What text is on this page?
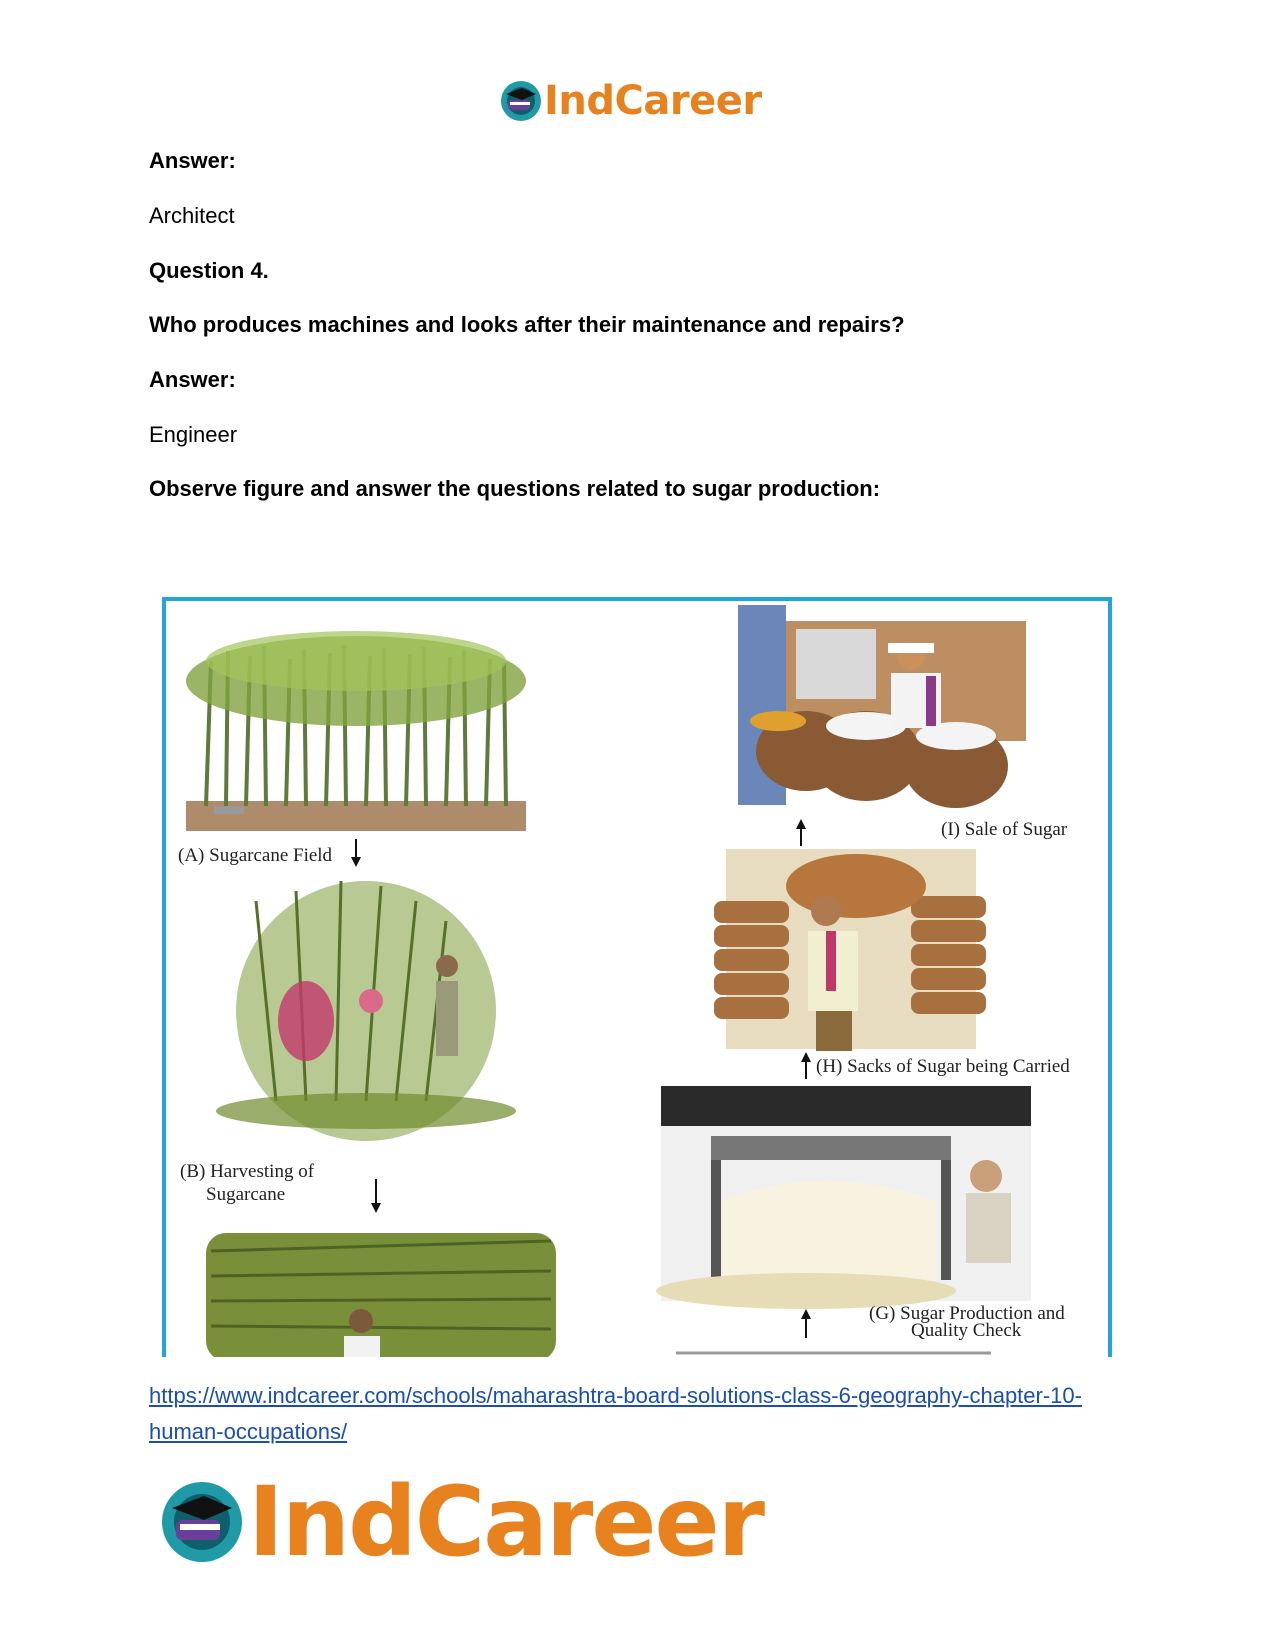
IndCareer
Answer:
Architect
Question 4.
Who produces machines and looks after their maintenance and repairs?
Answer:
Engineer
Observe figure and answer the questions related to sugar production:
(A) Sugarcane Field
(B) Harvesting of
Sugarcane
(I) Sale of Sugar
(H) Sacks of Sugar being Carried
(G) Sugar Production and
Quality Check
https://www.indcareer.com/schools/maharashtra-board-solutions-class-6-geography-chapter-10-
human-occupations/
IndCareer
